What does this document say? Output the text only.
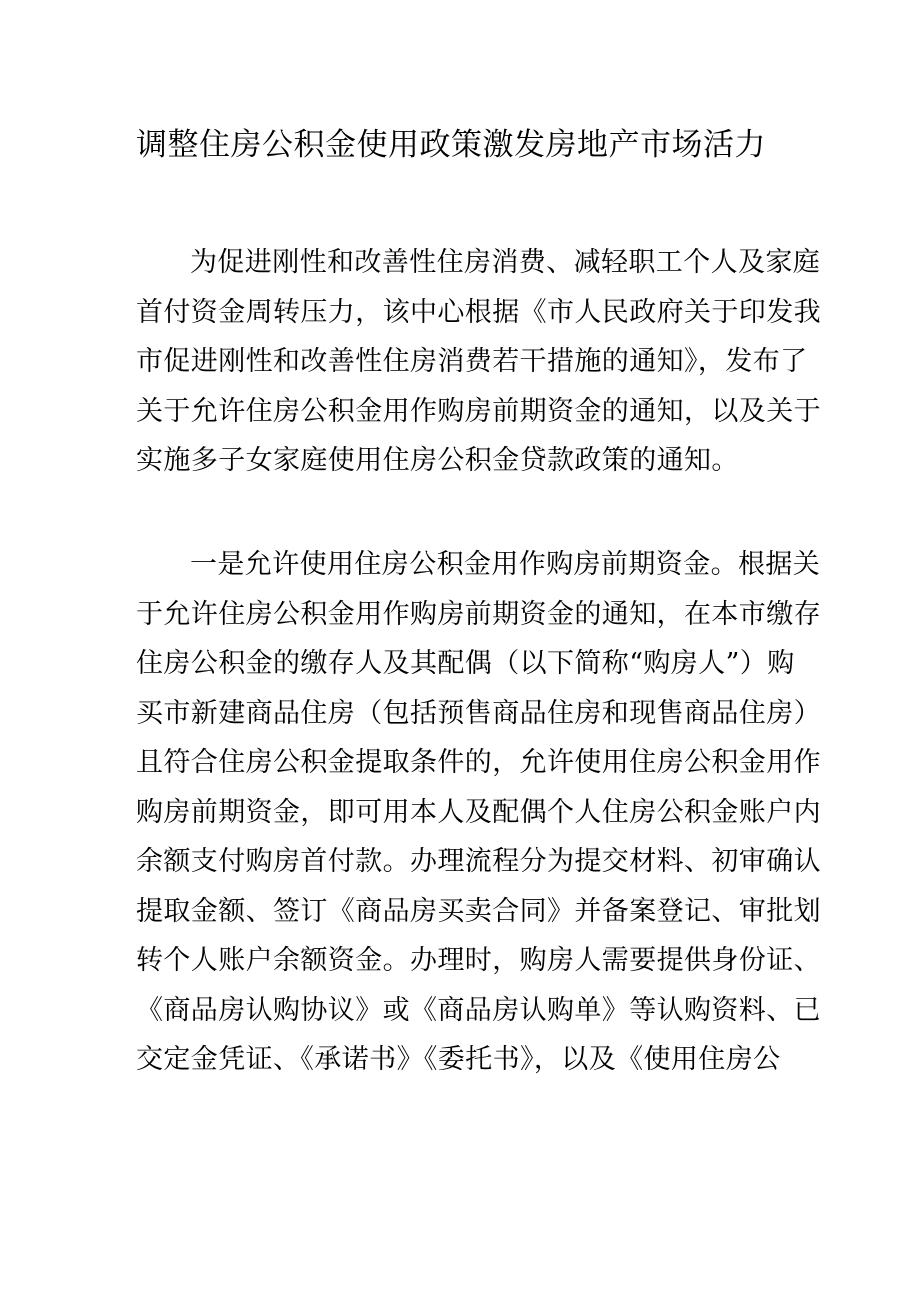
调整住房公积金使用政策激发房地产市场活力
为促进刚性和改善性住房消费、减轻职工个人及家庭
首付资金周转压力，该中心根据《市人民政府关于印发我
市促进刚性和改善性住房消费若干措施的通知》，发布了
关于允许住房公积金用作购房前期资金的通知，以及关于
实施多子女家庭使用住房公积金贷款政策的通知。
一是允许使用住房公积金用作购房前期资金。根据关
于允许住房公积金用作购房前期资金的通知，在本市缴存
住房公积金的缴存人及其配偶（以下简称“购房人”）购
买市新建商品住房（包括预售商品住房和现售商品住房）
且符合住房公积金提取条件的，允许使用住房公积金用作
购房前期资金，即可用本人及配偶个人住房公积金账户内
余额支付购房首付款。办理流程分为提交材料、初审确认
提取金额、签订《商品房买卖合同》并备案登记、审批划
转个人账户余额资金。办理时，购房人需要提供身份证、
《商品房认购协议》或《商品房认购单》等认购资料、已
交定金凭证、《承诺书》《委托书》，以及《使用住房公
